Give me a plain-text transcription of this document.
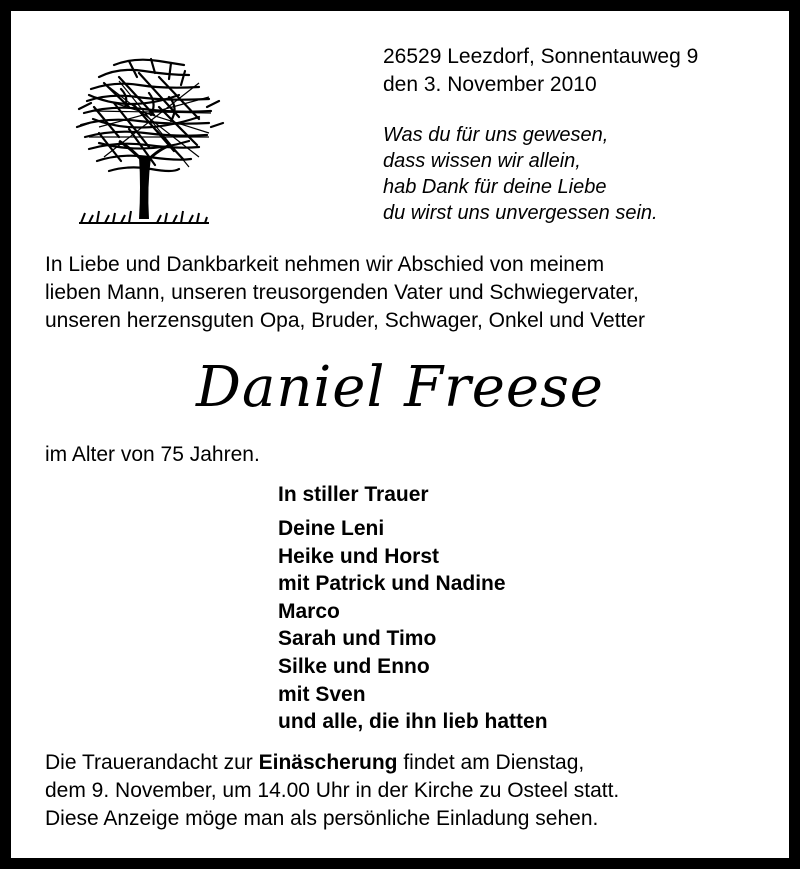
26529 Leezdorf, Sonnentauweg 9
den 3. November 2010
Was du für uns gewesen,
dass wissen wir allein,
hab Dank für deine Liebe
du wirst uns unvergessen sein.
In Liebe und Dankbarkeit nehmen wir Abschied von meinem
lieben Mann, unseren treusorgenden Vater und Schwiegervater,
unseren herzensguten Opa, Bruder, Schwager, Onkel und Vetter
Daniel Freese
im Alter von 75 Jahren.
In stiller Trauer
Deine Leni
Heike und Horst
mit Patrick und Nadine
Marco
Sarah und Timo
Silke und Enno
mit Sven
und alle, die ihn lieb hatten
Die Trauerandacht zur Einäscherung findet am Dienstag,
dem 9. November, um 14.00 Uhr in der Kirche zu Osteel statt.
Diese Anzeige möge man als persönliche Einladung sehen.
